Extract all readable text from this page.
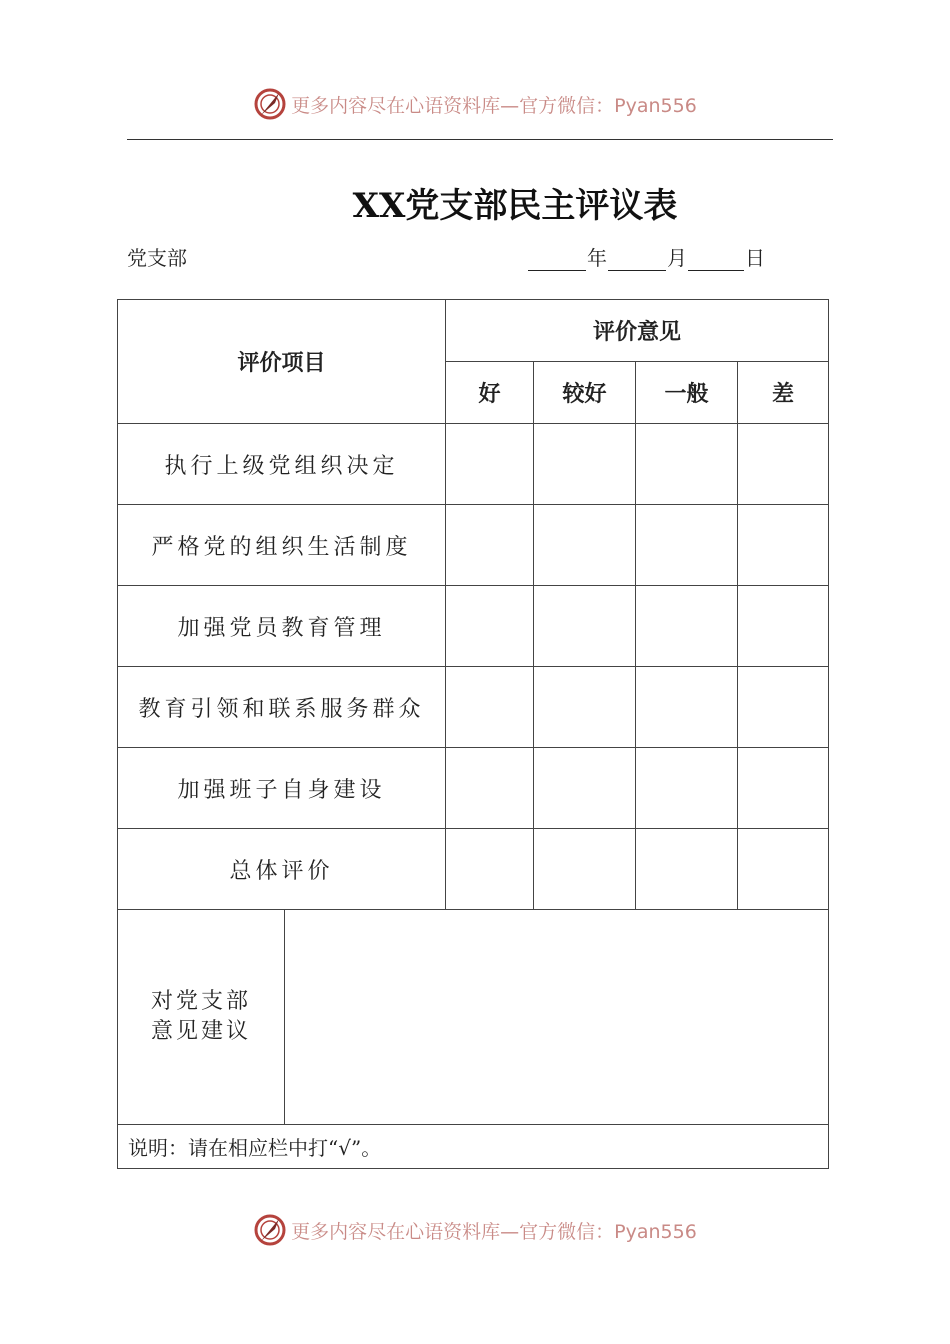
更多内容尽在心语资料库—官方微信：Pyan556
XX党支部民主评议表
党支部	年	月	日
评价项目		评价意见			
		好	较好	一般	差
执行上级党组织决定					
严格党的组织生活制度					
加强党员教育管理					
教育引领和联系服务群众					
加强班子自身建设					
总体评价					

对党支部
意见建议					

说明：请在相应栏中打“√”。					
更多内容尽在心语资料库—官方微信：Pyan556
